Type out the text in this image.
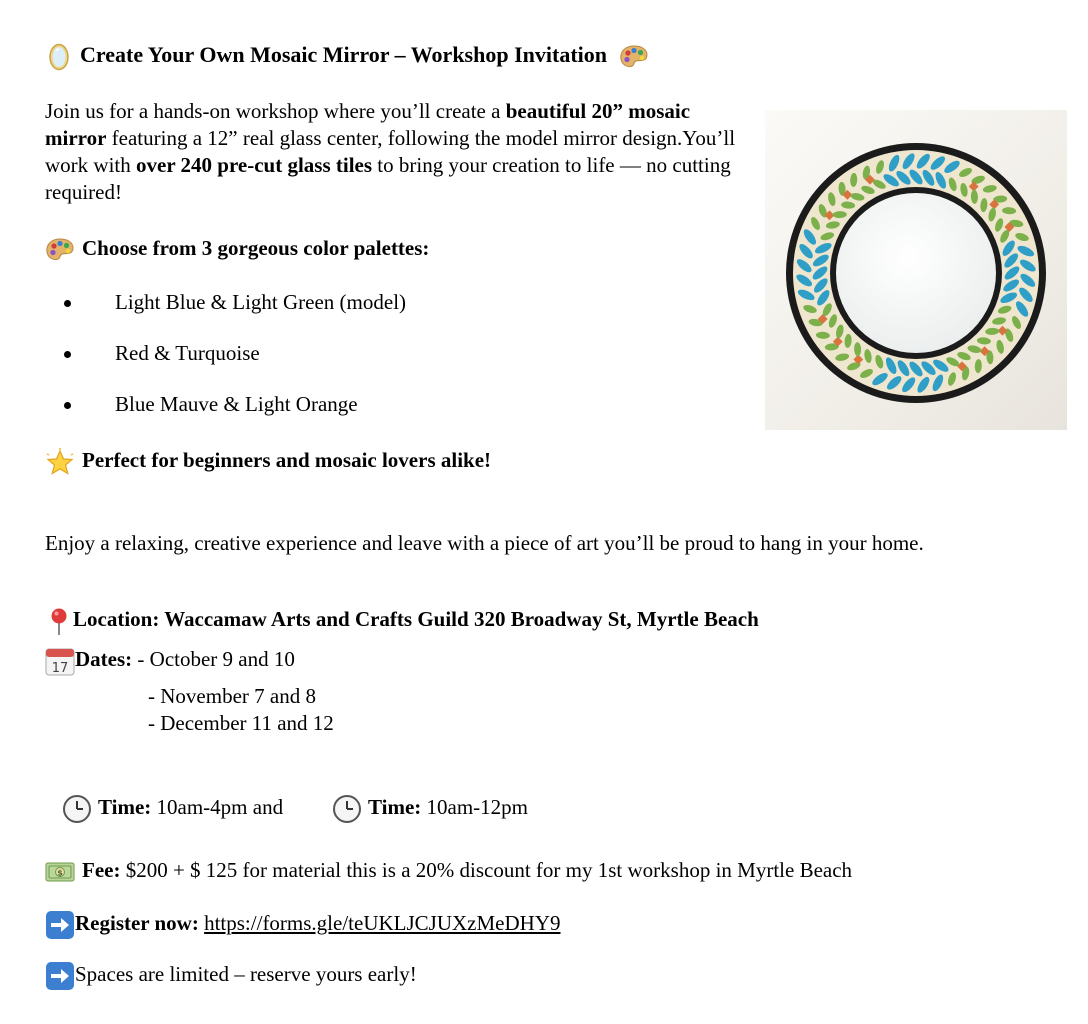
Create Your Own Mosaic Mirror – Workshop Invitation
Join us for a hands-on workshop where you’ll create a beautiful 20” mosaic mirror featuring a 12” real glass center, following the model mirror design.You’ll work with over 240 pre-cut glass tiles to bring your creation to life — no cutting required!
Choose from 3 gorgeous color palettes:
Light Blue & Light Green (model)
Red & Turquoise
Blue Mauve & Light Orange
Perfect for beginners and mosaic lovers alike!
Enjoy a relaxing, creative experience and leave with a piece of art you’ll be proud to hang in your home.
Location: Waccamaw Arts and Crafts Guild 320 Broadway St, Myrtle Beach
17 Dates: - October 9 and 10
- November 7 and 8
- December 11 and 12
Time: 10am-4pm and	Time: 10am-12pm
$ Fee: $200 + $ 125 for material this is a 20% discount for my 1st workshop in Myrtle Beach
Register now: https://forms.gle/teUKLJCJUXzMeDHY9
Spaces are limited – reserve yours early!
